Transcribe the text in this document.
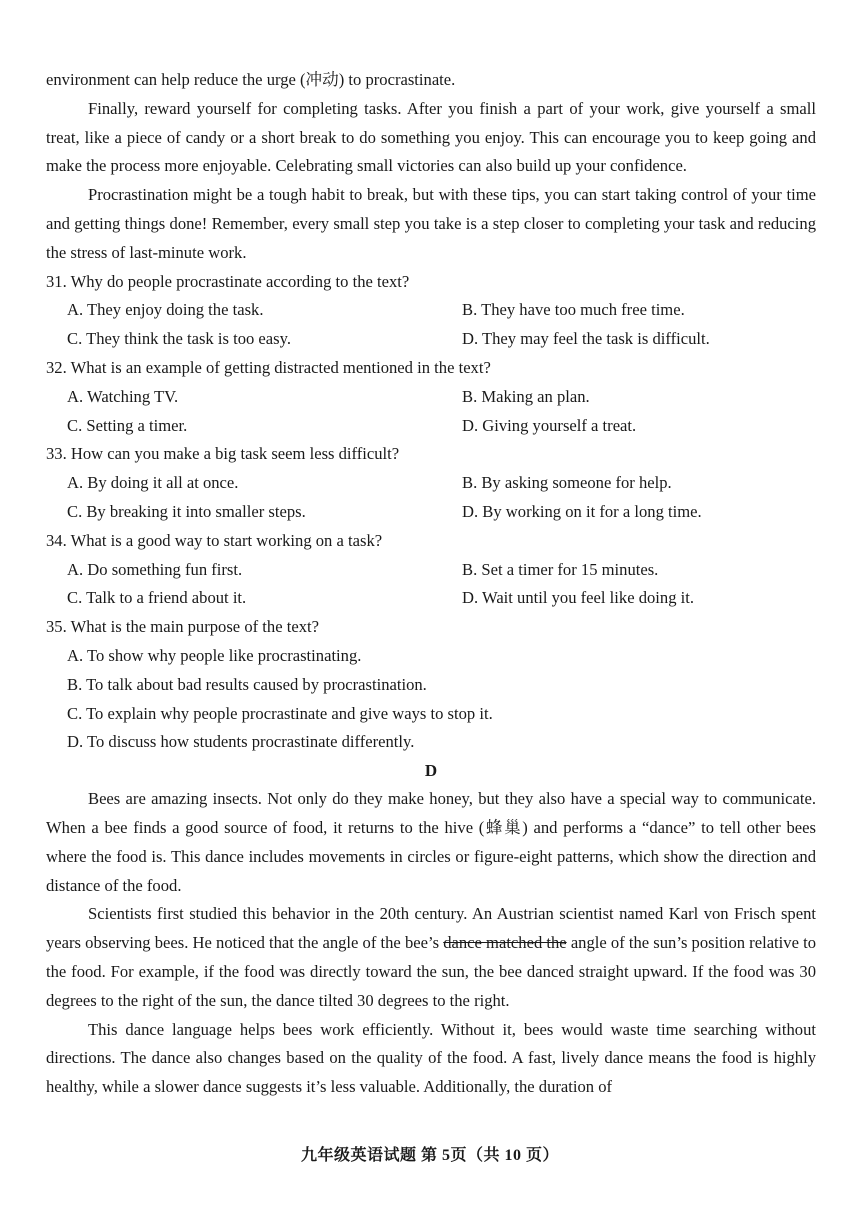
environment can help reduce the urge (冲动) to procrastinate.

Finally, reward yourself for completing tasks. After you finish a part of your work, give yourself a small treat, like a piece of candy or a short break to do something you enjoy. This can encourage you to keep going and make the process more enjoyable. Celebrating small victories can also build up your confidence.

Procrastination might be a tough habit to break, but with these tips, you can start taking control of your time and getting things done! Remember, every small step you take is a step closer to completing your task and reducing the stress of last-minute work.

31. Why do people procrastinate according to the text?
A. They enjoy doing the task.	B. They have too much free time.
C. They think the task is too easy.	D. They may feel the task is difficult.
32. What is an example of getting distracted mentioned in the text?
A. Watching TV.	B. Making an plan.
C. Setting a timer.	D. Giving yourself a treat.
33. How can you make a big task seem less difficult?
A. By doing it all at once.	B. By asking someone for help.
C. By breaking it into smaller steps.	D. By working on it for a long time.
34. What is a good way to start working on a task?
A. Do something fun first.	B. Set a timer for 15 minutes.
C. Talk to a friend about it.	D. Wait until you feel like doing it.
35. What is the main purpose of the text?
A. To show why people like procrastinating.
B. To talk about bad results caused by procrastination.
C. To explain why people procrastinate and give ways to stop it.
D. To discuss how students procrastinate differently.
D

Bees are amazing insects. Not only do they make honey, but they also have a special way to communicate. When a bee finds a good source of food, it returns to the hive (蜂巢) and performs a “dance” to tell other bees where the food is. This dance includes movements in circles or figure-eight patterns, which show the direction and distance of the food.

Scientists first studied this behavior in the 20th century. An Austrian scientist named Karl von Frisch spent years observing bees. He noticed that the angle of the bee’s dance matched the angle of the sun’s position relative to the food. For example, if the food was directly toward the sun, the bee danced straight upward. If the food was 30 degrees to the right of the sun, the dance tilted 30 degrees to the right.

This dance language helps bees work efficiently. Without it, bees would waste time searching without directions. The dance also changes based on the quality of the food. A fast, lively dance means the food is highly healthy, while a slower dance suggests it’s less valuable. Additionally, the duration of

九年级英语试题 第 5页（共 10 页）
